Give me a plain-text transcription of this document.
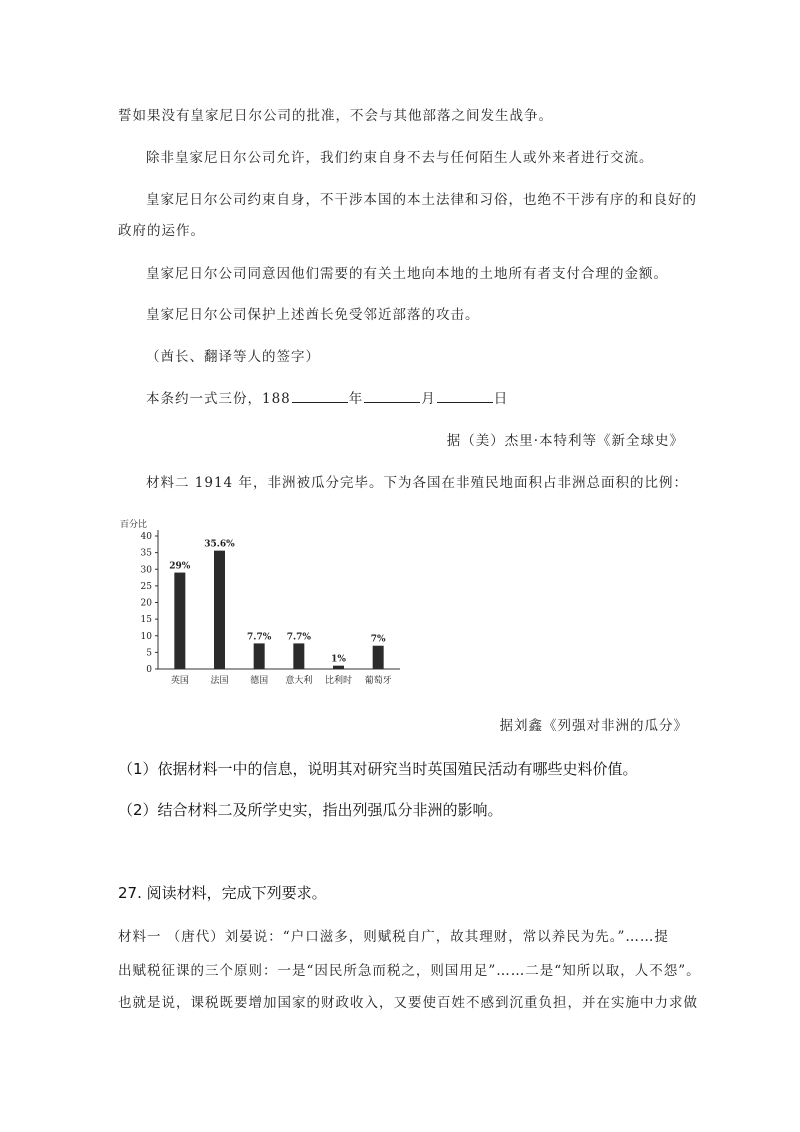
誓如果没有皇家尼日尔公司的批准，不会与其他部落之间发生战争。
除非皇家尼日尔公司允许，我们约束自身不去与任何陌生人或外来者进行交流。
皇家尼日尔公司约束自身，不干涉本国的本土法律和习俗，也绝不干涉有序的和良好的
政府的运作。
皇家尼日尔公司同意因他们需要的有关土地向本地的土地所有者支付合理的金额。
皇家尼日尔公司保护上述酋长免受邻近部落的攻击。
（酋长、翻译等人的签字）
本条约一式三份，188	年	月	日
据（美）杰里·本特利等《新全球史》
材料二 1914 年，非洲被瓜分完毕。下为各国在非殖民地面积占非洲总面积的比例：
百分比
0
5
10
15
20
25
30
35
40
29%
英国
35.6%
法国
7.7%
德国
7.7%
意大利
1%
比利时
7%
葡萄牙
据刘鑫《列强对非洲的瓜分》
（1）依据材料一中的信息，说明其对研究当时英国殖民活动有哪些史料价值。
（2）结合材料二及所学史实，指出列强瓜分非洲的影响。
27. 阅读材料，完成下列要求。
材料一 （唐代）刘晏说：“户口滋多，则赋税自广，故其理财，常以养民为先。”……提
出赋税征课的三个原则：一是“因民所急而税之，则国用足”……二是“知所以取，人不怨”。
也就是说，课税既要增加国家的财政收入，又要使百姓不感到沉重负担，并在实施中力求做
